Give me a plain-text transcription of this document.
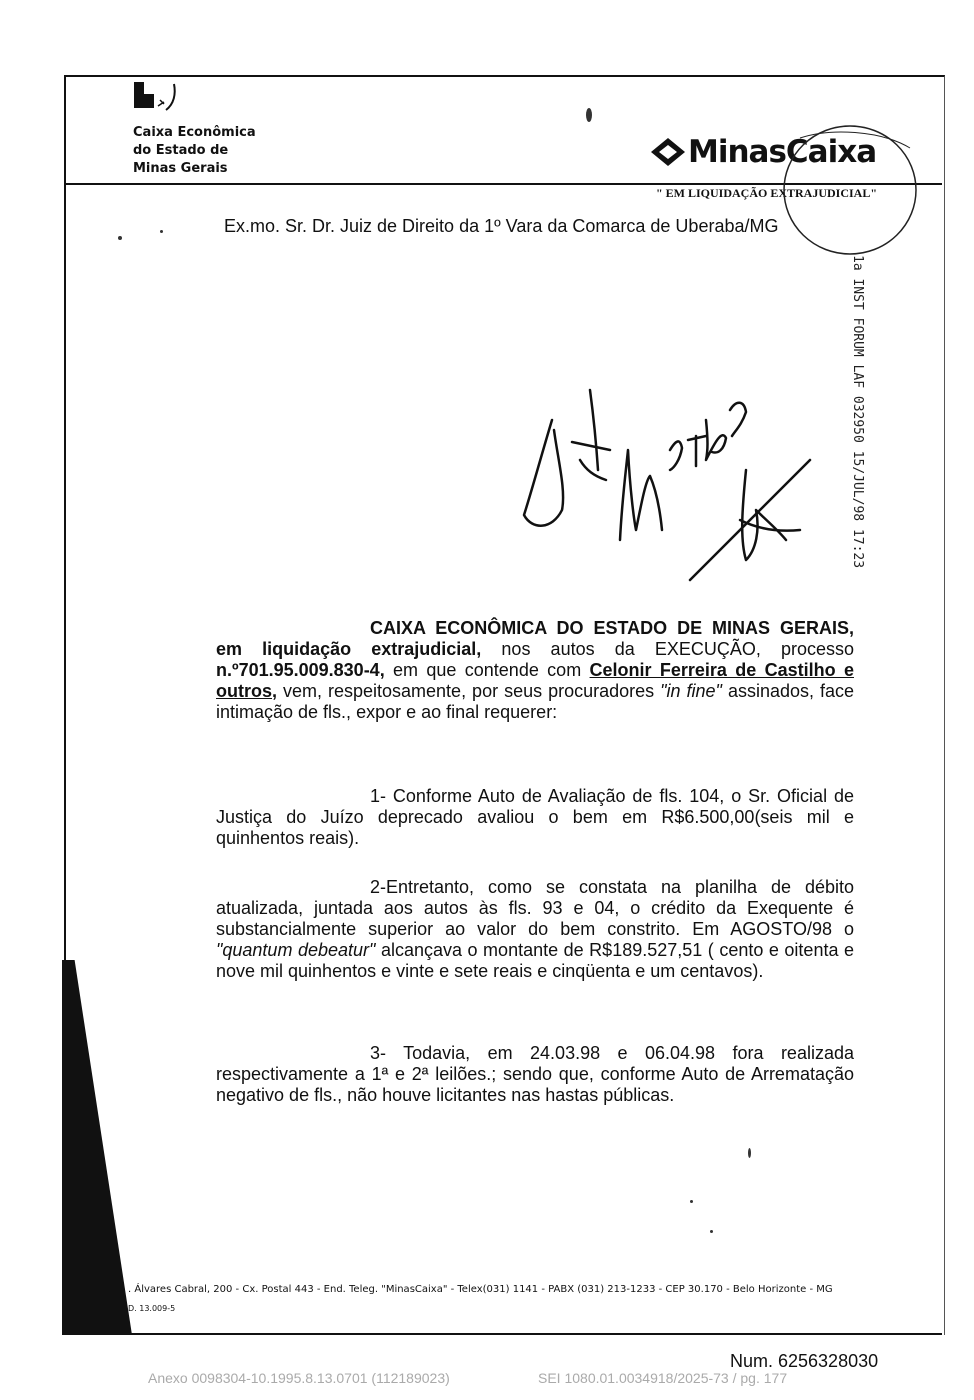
Caixa Econômica
do Estado de
Minas Gerais	MinasCaixa
" EM LIQUIDAÇÃO EXTRAJUDICIAL"
Ex.mo. Sr. Dr. Juiz de Direito da 1º Vara da Comarca de Uberaba/MG
1a INST FORUM LAF 032950 15/JUL/98 17:23
CAIXA ECONÔMICA DO ESTADO DE MINAS GERAIS, em liquidação extrajudicial, nos autos da EXECUÇÃO, processo n.º701.95.009.830-4, em que contende com Celonir Ferreira de Castilho e outros, vem, respeitosamente, por seus procuradores "in fine" assinados, face intimação de fls., expor e ao final requerer:
1- Conforme Auto de Avaliação de fls. 104, o Sr. Oficial de Justiça do Juízo deprecado avaliou o bem em R$6.500,00(seis mil e quinhentos reais).
2-Entretanto, como se constata na planilha de débito atualizada, juntada aos autos às fls. 93 e 04, o crédito da Exequente é substancialmente superior ao valor do bem constrito. Em AGOSTO/98 o "quantum debeatur" alcançava o montante de R$189.527,51 ( cento e oitenta e nove mil quinhentos e vinte e sete reais e cinqüenta e um centavos).
3- Todavia, em 24.03.98 e 06.04.98 fora realizada respectivamente a 1ª e 2ª leilões.; sendo que, conforme Auto de Arrematação negativo de fls., não houve licitantes nas hastas públicas.
. Álvares Cabral, 200 - Cx. Postal 443 - End. Teleg. "MinasCaixa" - Telex(031) 1141 - PABX (031) 213-1233 - CEP 30.170 - Belo Horizonte - MG
D. 13.009-5
Num. 6256328030
Anexo 0098304-10.1995.8.13.0701 (112189023)	SEI 1080.01.0034918/2025-73 / pg. 177
